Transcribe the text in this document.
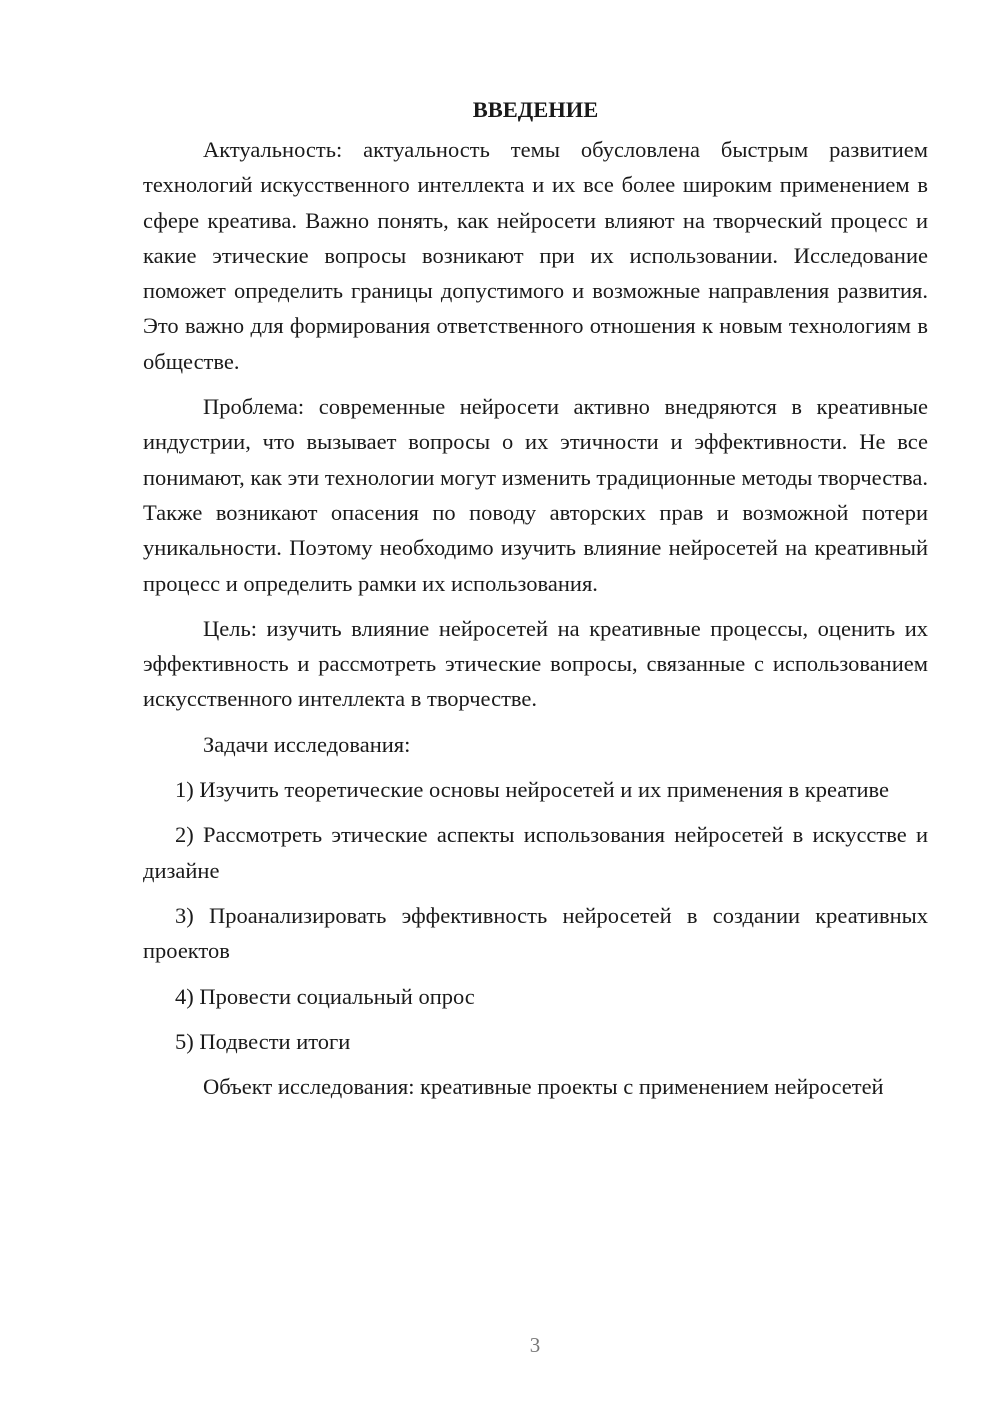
ВВЕДЕНИЕ

Актуальность: актуальность темы обусловлена быстрым развитием технологий искусственного интеллекта и их все более широким применением в сфере креатива. Важно понять, как нейросети влияют на творческий процесс и какие этические вопросы возникают при их использовании. Исследование поможет определить границы допустимого и возможные направления развития. Это важно для формирования ответственного отношения к новым технологиям в обществе.

Проблема: современные нейросети активно внедряются в креативные индустрии, что вызывает вопросы о их этичности и эффективности. Не все понимают, как эти технологии могут изменить традиционные методы творчества. Также возникают опасения по поводу авторских прав и возможной потери уникальности. Поэтому необходимо изучить влияние нейросетей на креативный процесс и определить рамки их использования.

Цель: изучить влияние нейросетей на креативные процессы, оценить их эффективность и рассмотреть этические вопросы, связанные с использованием искусственного интеллекта в творчестве.

Задачи исследования:

1) Изучить теоретические основы нейросетей и их применения в креативе

2) Рассмотреть этические аспекты использования нейросетей в искусстве и дизайне

3) Проанализировать эффективность нейросетей в создании креативных проектов

4) Провести социальный опрос

5) Подвести итоги

Объект исследования: креативные проекты с применением нейросетей

3
